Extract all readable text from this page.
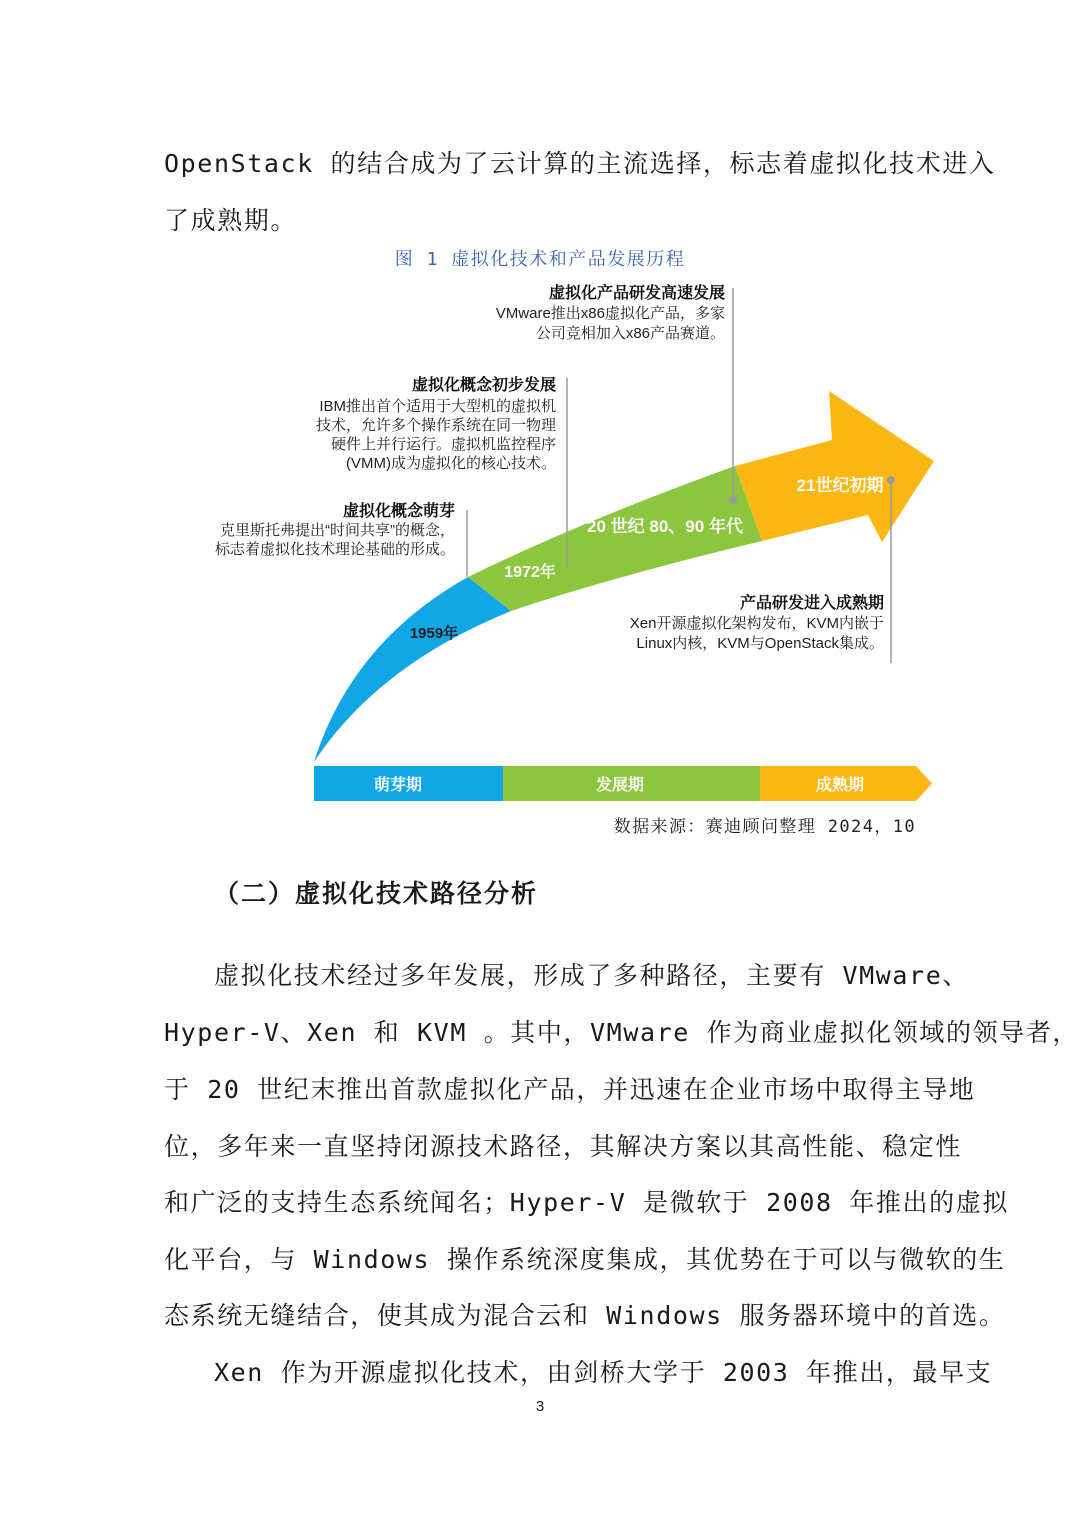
OpenStack 的结合成为了云计算的主流选择，标志着虚拟化技术进入
了成熟期。
图 1 虚拟化技术和产品发展历程
1959年
1972年
20 世纪 80、90 年代
21世纪初期
虚拟化概念萌芽
克里斯托弗提出“时间共享”的概念，
标志着虚拟化技术理论基础的形成。
虚拟化概念初步发展
IBM推出首个适用于大型机的虚拟机
技术，允许多个操作系统在同一物理
硬件上并行运行。虚拟机监控程序
(VMM)成为虚拟化的核心技术。
虚拟化产品研发高速发展
VMware推出x86虚拟化产品，多家
公司竞相加入x86产品赛道。
产品研发进入成熟期
Xen开源虚拟化架构发布，KVM内嵌于
Linux内核，KVM与OpenStack集成。
萌芽期	发展期	成熟期
数据来源：赛迪顾问整理 2024，10
（二）虚拟化技术路径分析
虚拟化技术经过多年发展，形成了多种路径，主要有 VMware、
Hyper-V、Xen 和 KVM 。其中，VMware 作为商业虚拟化领域的领导者，
于 20 世纪末推出首款虚拟化产品，并迅速在企业市场中取得主导地
位，多年来一直坚持闭源技术路径，其解决方案以其高性能、稳定性
和广泛的支持生态系统闻名；Hyper-V 是微软于 2008 年推出的虚拟
化平台，与 Windows 操作系统深度集成，其优势在于可以与微软的生
态系统无缝结合，使其成为混合云和 Windows 服务器环境中的首选。
Xen 作为开源虚拟化技术，由剑桥大学于 2003 年推出，最早支
3
